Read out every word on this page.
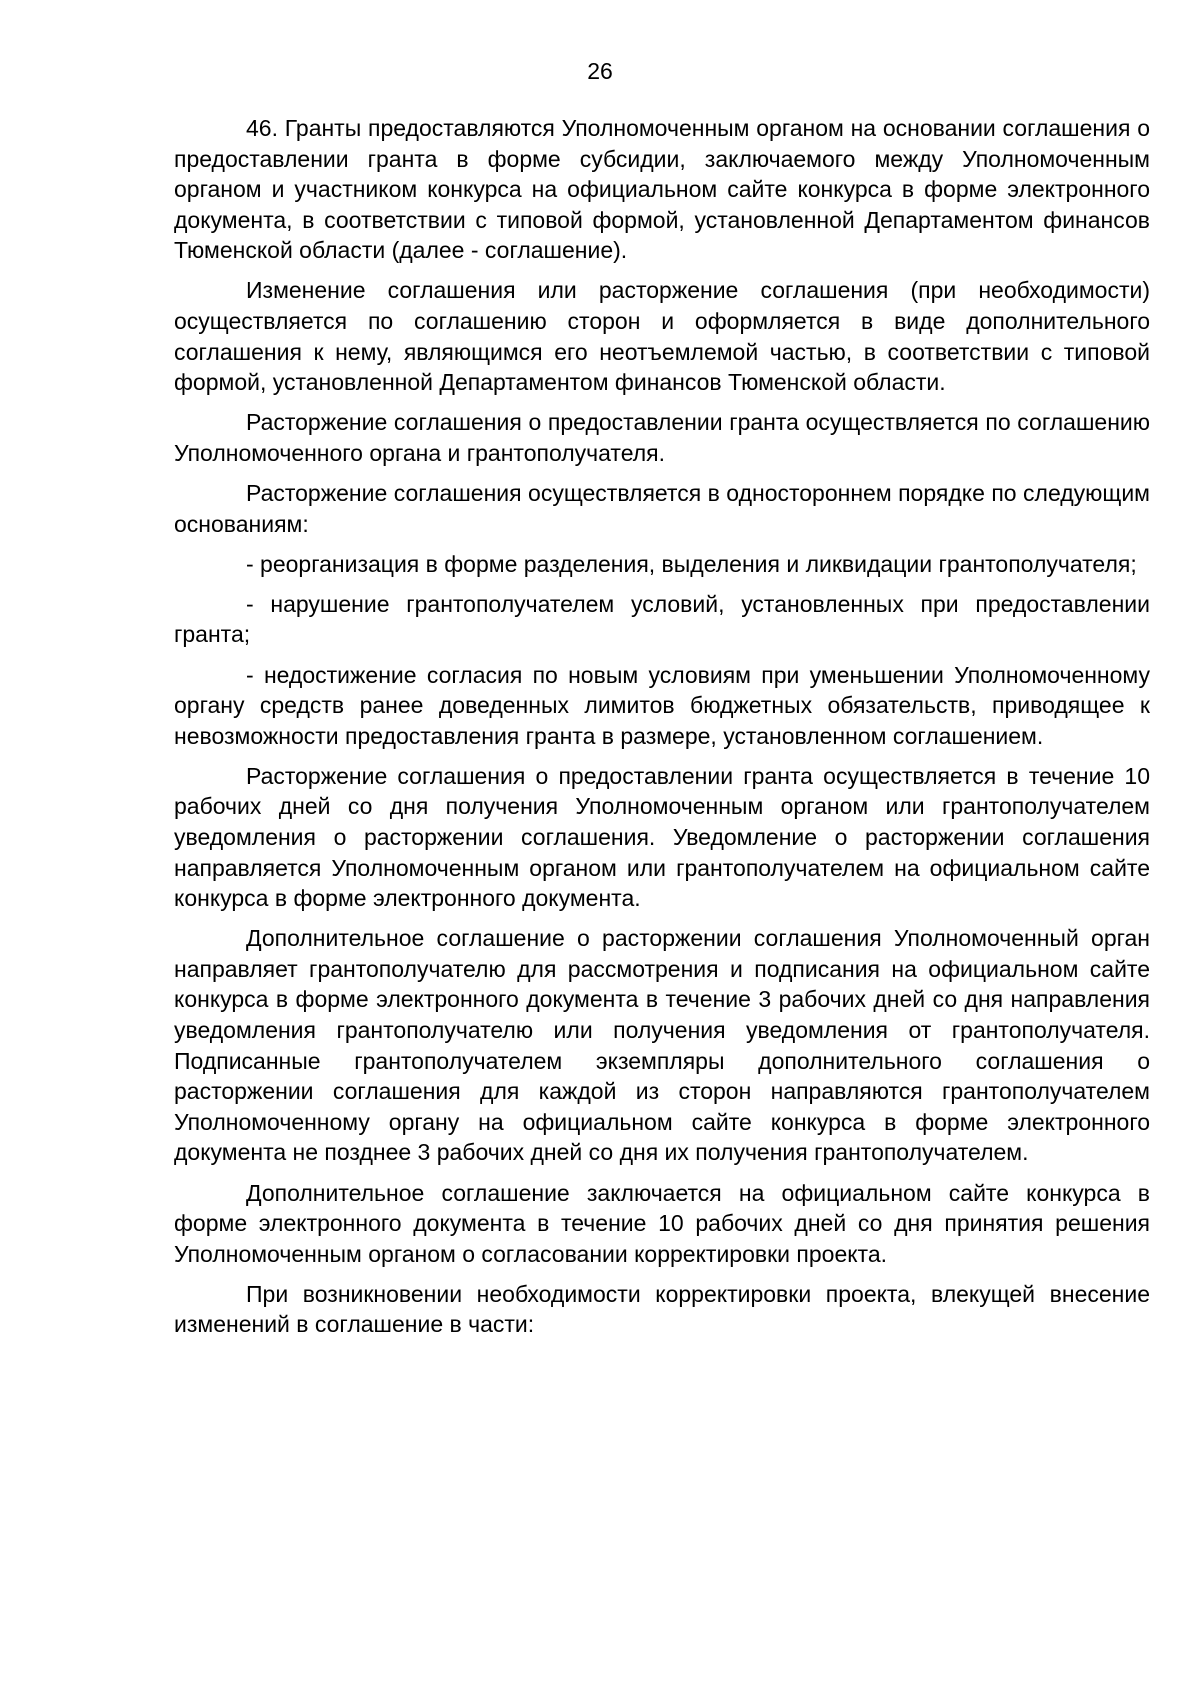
26

46. Гранты предоставляются Уполномоченным органом на основании соглашения о предоставлении гранта в форме субсидии, заключаемого между Уполномоченным органом и участником конкурса на официальном сайте конкурса в форме электронного документа, в соответствии с типовой формой, установленной Департаментом финансов Тюменской области (далее - соглашение).

Изменение соглашения или расторжение соглашения (при необходимости) осуществляется по соглашению сторон и оформляется в виде дополнительного соглашения к нему, являющимся его неотъемлемой частью, в соответствии с типовой формой, установленной Департаментом финансов Тюменской области.

Расторжение соглашения о предоставлении гранта осуществляется по соглашению Уполномоченного органа и грантополучателя.

Расторжение соглашения осуществляется в одностороннем порядке по следующим основаниям:

- реорганизация в форме разделения, выделения и ликвидации грантополучателя;

- нарушение грантополучателем условий, установленных при предоставлении гранта;

- недостижение согласия по новым условиям при уменьшении Уполномоченному органу средств ранее доведенных лимитов бюджетных обязательств, приводящее к невозможности предоставления гранта в размере, установленном соглашением.

Расторжение соглашения о предоставлении гранта осуществляется в течение 10 рабочих дней со дня получения Уполномоченным органом или грантополучателем уведомления о расторжении соглашения. Уведомление о расторжении соглашения направляется Уполномоченным органом или грантополучателем на официальном сайте конкурса в форме электронного документа.

Дополнительное соглашение о расторжении соглашения Уполномоченный орган направляет грантополучателю для рассмотрения и подписания на официальном сайте конкурса в форме электронного документа в течение 3 рабочих дней со дня направления уведомления грантополучателю или получения уведомления от грантополучателя. Подписанные грантополучателем экземпляры дополнительного соглашения о расторжении соглашения для каждой из сторон направляются грантополучателем Уполномоченному органу на официальном сайте конкурса в форме электронного документа не позднее 3 рабочих дней со дня их получения грантополучателем.

Дополнительное соглашение заключается на официальном сайте конкурса в форме электронного документа в течение 10 рабочих дней со дня принятия решения Уполномоченным органом о согласовании корректировки проекта.

При возникновении необходимости корректировки проекта, влекущей внесение изменений в соглашение в части:
